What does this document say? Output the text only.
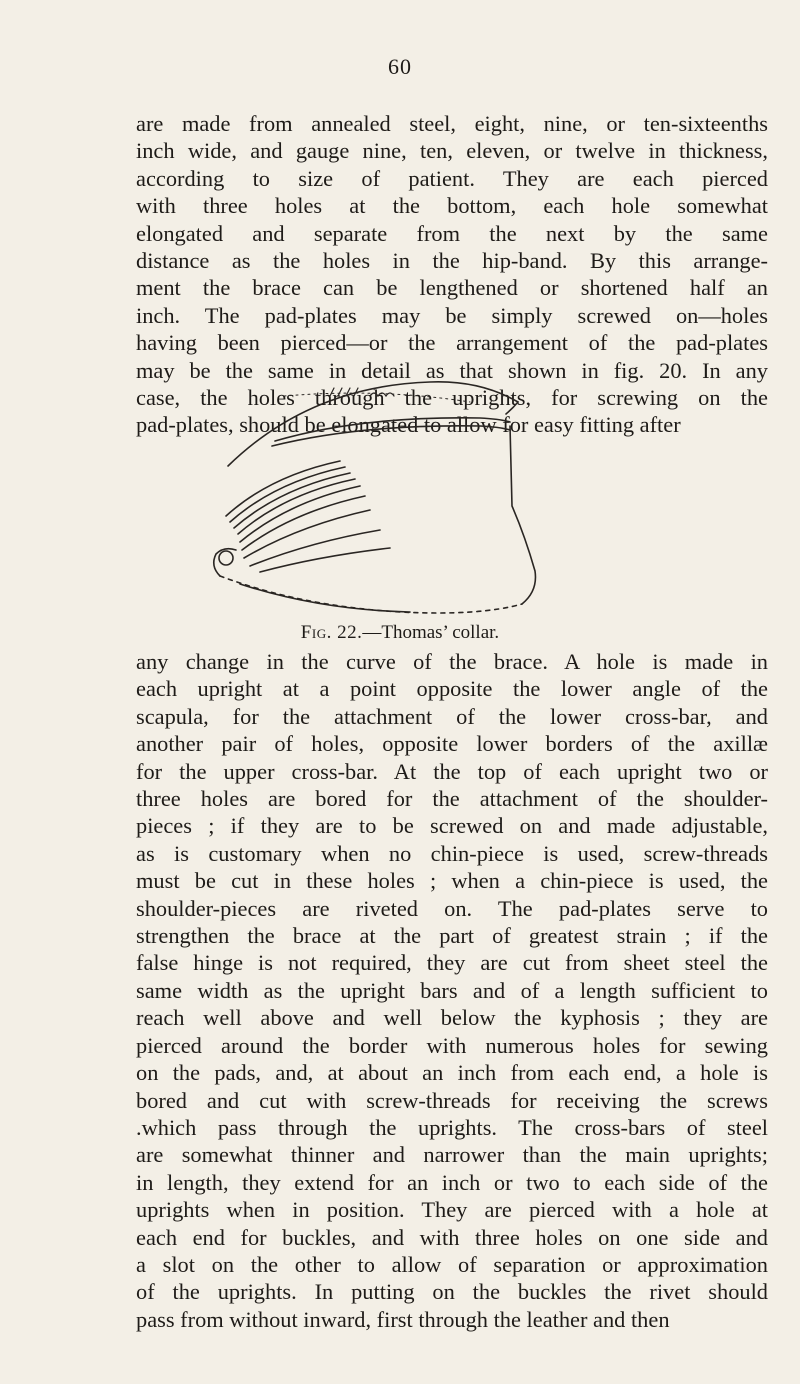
60
are made from annealed steel, eight, nine, or ten-sixteenths
inch wide, and gauge nine, ten, eleven, or twelve in thickness,
according to size of patient. They are each pierced
with three holes at the bottom, each hole somewhat
elongated and separate from the next by the same
distance as the holes in the hip-band. By this arrange-
ment the brace can be lengthened or shortened half an
inch. The pad-plates may be simply screwed on—holes
having been pierced—or the arrangement of the pad-plates
may be the same in detail as that shown in fig. 20. In any
case, the holes through the uprights, for screwing on the
pad-plates, should be elongated to allow for easy fitting after
Fig. 22.—Thomas’ collar.
any change in the curve of the brace. A hole is made in
each upright at a point opposite the lower angle of the
scapula, for the attachment of the lower cross-bar, and
another pair of holes, opposite lower borders of the axillæ
for the upper cross-bar. At the top of each upright two or
three holes are bored for the attachment of the shoulder-
pieces ; if they are to be screwed on and made adjustable,
as is customary when no chin-piece is used, screw-threads
must be cut in these holes ; when a chin-piece is used, the
shoulder-pieces are riveted on. The pad-plates serve to
strengthen the brace at the part of greatest strain ; if the
false hinge is not required, they are cut from sheet steel the
same width as the upright bars and of a length sufficient to
reach well above and well below the kyphosis ; they are
pierced around the border with numerous holes for sewing
on the pads, and, at about an inch from each end, a hole is
bored and cut with screw-threads for receiving the screws
.which pass through the uprights. The cross-bars of steel
are somewhat thinner and narrower than the main uprights;
in length, they extend for an inch or two to each side of the
uprights when in position. They are pierced with a hole at
each end for buckles, and with three holes on one side and
a slot on the other to allow of separation or approximation
of the uprights. In putting on the buckles the rivet should
pass from without inward, first through the leather and then
